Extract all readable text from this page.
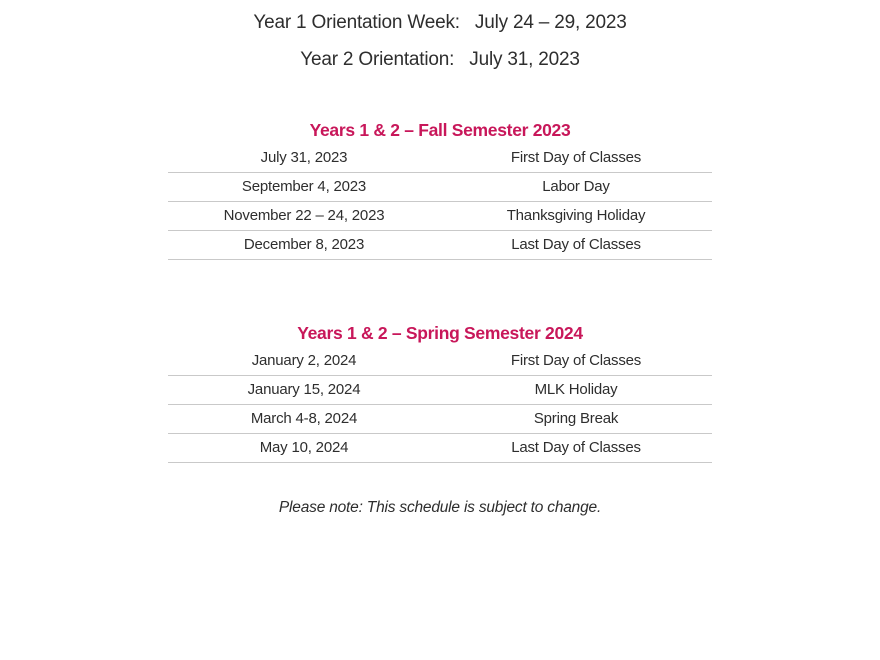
Year 1 Orientation Week: July 24 – 29, 2023
Year 2 Orientation: July 31, 2023
Years 1 & 2 – Fall Semester 2023
July 31, 2023	First Day of Classes
September 4, 2023	Labor Day
November 22 – 24, 2023	Thanksgiving Holiday
December 8, 2023	Last Day of Classes
Years 1 & 2 – Spring Semester 2024
January 2, 2024	First Day of Classes
January 15, 2024	MLK Holiday
March 4-8, 2024	Spring Break
May 10, 2024	Last Day of Classes
Please note: This schedule is subject to change.
